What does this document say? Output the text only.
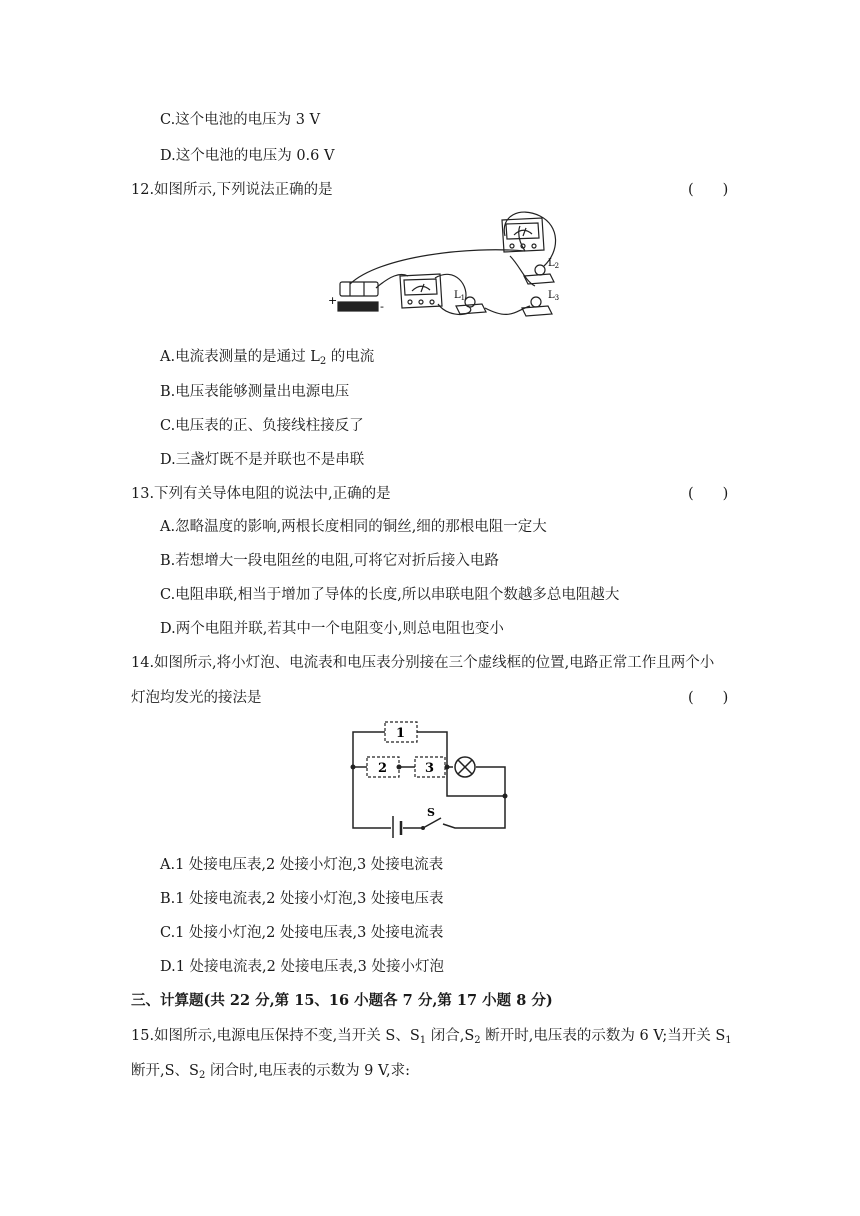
C.这个电池的电压为 3 V
D.这个电池的电压为 0.6 V
12.如图所示,下列说法正确的是	(　　)
+	-
$L_1$
$L_2$
$L_3$
A.电流表测量的是通过 $L_2$ 的电流
B.电压表能够测量出电源电压
C.电压表的正、负接线柱接反了
D.三盏灯既不是并联也不是串联
13.下列有关导体电阻的说法中,正确的是	(　　)
A.忽略温度的影响,两根长度相同的铜丝,细的那根电阻一定大
B.若想增大一段电阻丝的电阻,可将它对折后接入电路
C.电阻串联,相当于增加了导体的长度,所以串联电阻个数越多总电阻越大
D.两个电阻并联,若其中一个电阻变小,则总电阻也变小
14.如图所示,将小灯泡、电流表和电压表分别接在三个虚线框的位置,电路正常工作且两个小
灯泡均发光的接法是	(　　)
1
2	3
S
A.1 处接电压表,2 处接小灯泡,3 处接电流表
B.1 处接电流表,2 处接小灯泡,3 处接电压表
C.1 处接小灯泡,2 处接电压表,3 处接电流表
D.1 处接电流表,2 处接电压表,3 处接小灯泡
三、计算题(共 22 分,第 15、16 小题各 7 分,第 17 小题 8 分)
15.如图所示,电源电压保持不变,当开关 S、$S_1$ 闭合$,S_2$ 断开时,电压表的示数为 6 V;当开关 $S_1$
断开,S、$S_2$ 闭合时,电压表的示数为 9 V,求:
